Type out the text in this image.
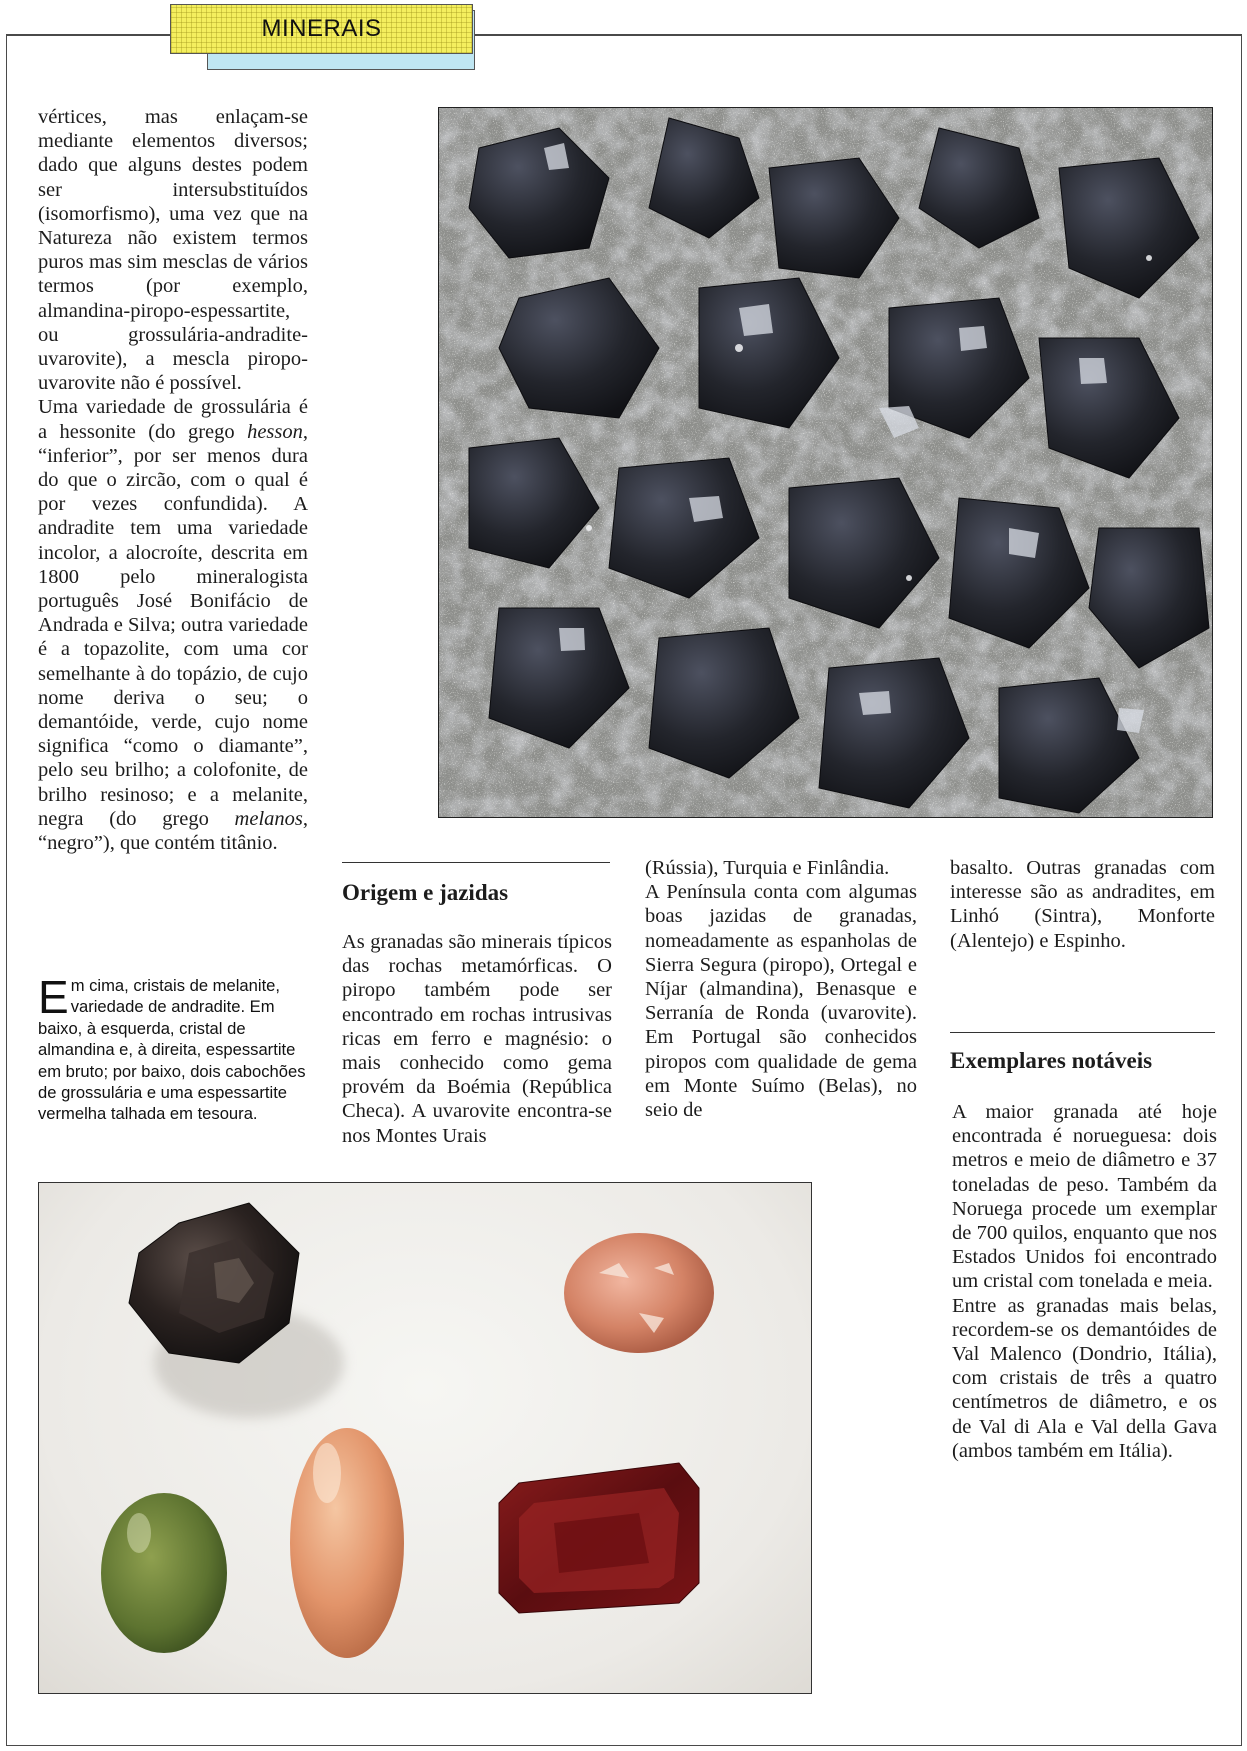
MINERAIS

vértices, mas enlaçam-se mediante elementos diversos; dado que alguns destes podem ser intersubstituídos (isomorfismo), uma vez que na Natureza não existem termos puros mas sim mesclas de vários termos (por exemplo, almandina-piropo-espessartite, ou grossulária-andradite-uvarovite), a mescla piropo-uvarovite não é possível.

Uma variedade de grossulária é a hessonite (do grego hesson, “inferior”, por ser menos dura do que o zircão, com o qual é por vezes confundida). A andradite tem uma variedade incolor, a alocroíte, descrita em 1800 pelo mineralogista português José Bonifácio de Andrada e Silva; outra variedade é a topazolite, com uma cor semelhante à do topázio, de cujo nome deriva o seu; o demantóide, verde, cujo nome significa “como o diamante”, pelo seu brilho; a colofonite, de brilho resinoso; e a melanite, negra (do grego melanos, “negro”), que contém titânio.

Em cima, cristais de melanite, variedade de andradite. Em baixo, à esquerda, cristal de almandina e, à direita, espessartite em bruto; por baixo, dois cabochões de grossulária e uma espessartite vermelha talhada em tesoura.
Origem e jazidas
As granadas são minerais típicos das rochas metamórficas. O piropo também pode ser encontrado em rochas intrusivas ricas em ferro e magnésio: o mais conhecido como gema provém da Boémia (República Checa). A uvarovite encontra-se nos Montes Urais

(Rússia), Turquia e Finlândia.

A Península conta com algumas boas jazidas de granadas, nomeadamente as espanholas de Sierra Segura (piropo), Ortegal e Níjar (almandina), Benasque e Serranía de Ronda (uvarovite). Em Portugal são conhecidos piropos com qualidade de gema em Monte Suímo (Belas), no seio de

basalto. Outras granadas com interesse são as andradites, em Linhó (Sintra), Monforte (Alentejo) e Espinho.

Exemplares notáveis

A maior granada até hoje encontrada é norueguesa: dois metros e meio de diâmetro e 37 toneladas de peso. Também da Noruega procede um exemplar de 700 quilos, enquanto que nos Estados Unidos foi encontrado um cristal com tonelada e meia.

Entre as granadas mais belas, recordem-se os demantóides de Val Malenco (Dondrio, Itália), com cristais de três a quatro centímetros de diâmetro, e os de Val di Ala e Val della Gava (ambos também em Itália).
